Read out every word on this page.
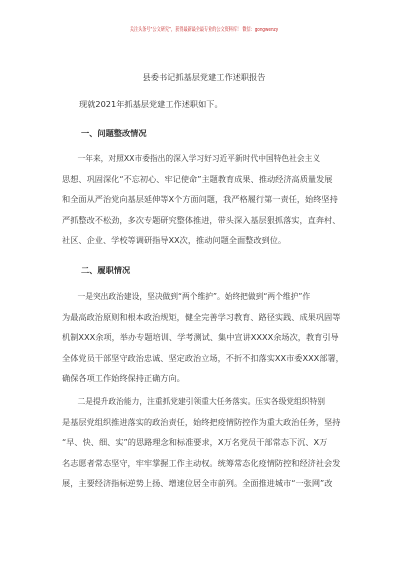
关注头条号“公文研究”，获得最新最全最专业的公文资料库！ 微信：gongwenzy
县委书记抓基层党建工作述职报告
现就2021年抓基层党建工作述职如下。
一、问题整改情况

一年来，对照XX市委指出的深入学习好习近平新时代中国特色社会主义
思想、巩固深化“不忘初心、牢记使命”主题教育成果、推动经济高质量发展
和全面从严治党向基层延伸等X个方面问题，我严格履行第一责任，始终坚持
严抓整改不松劲，多次专题研究整体推进，带头深入基层狠抓落实，直奔村、
社区、企业、学校等调研指导XX次，推动问题全面整改到位。

二、履职情况

一是突出政治建设，坚决做到“两个维护”。始终把做到“两个维护”作
为最高政治原则和根本政治规矩，健全完善学习教育、路径实践、成果巩固等
机制XXX余项，举办专题培训、学考测试、集中宣讲XXXX余场次，教育引导
全体党员干部坚守政治忠诚、坚定政治立场，不折不扣落实XX市委XXX部署，
确保各项工作始终保持正确方向。

二是提升政治能力，注重抓党建引领重大任务落实。压实各级党组织特别
是基层党组织推进落实的政治责任，始终把疫情防控作为重大政治任务，坚持
“早、快、细、实”的思路理念和标准要求，X万名党员干部常态下沉、X万
名志愿者常态坚守，牢牢掌握工作主动权。统筹常态化疫情防控和经济社会发
展，主要经济指标逆势上扬、增速位居全市前列。全面推进城市“一张网”改
